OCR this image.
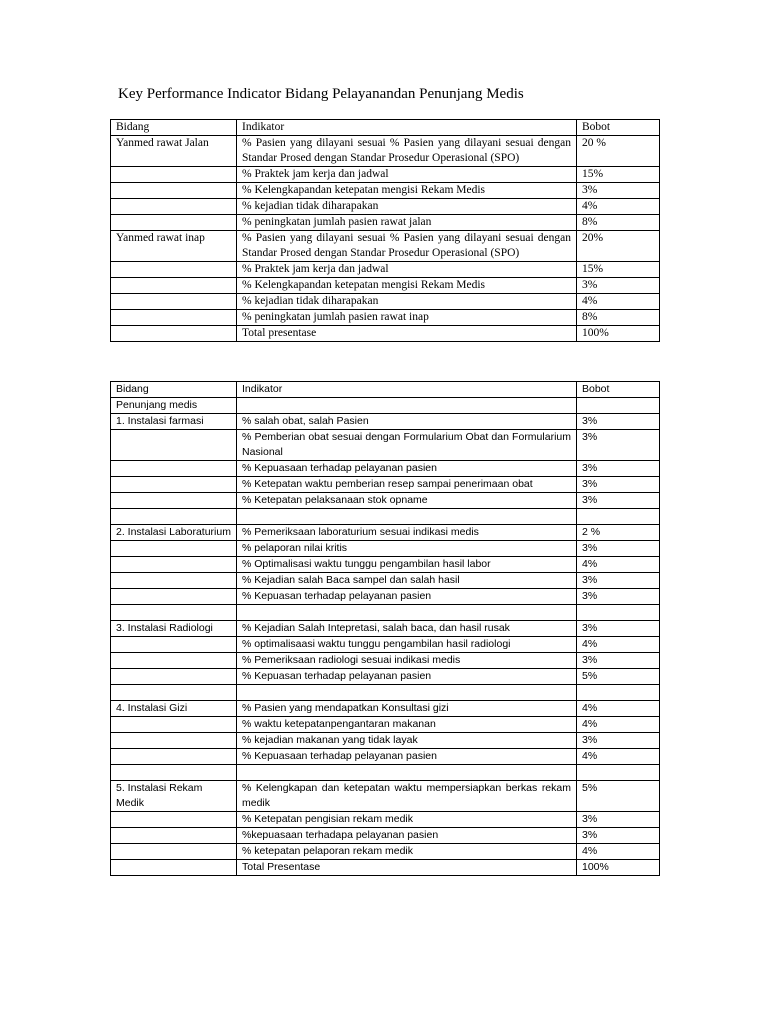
Key Performance Indicator Bidang Pelayanandan Penunjang Medis
Bidang	Indikator	Bobot
Yanmed rawat Jalan	% Pasien yang dilayani sesuai % Pasien yang dilayani sesuai dengan Standar Prosed dengan Standar Prosedur Operasional (SPO)	20 %
	% Praktek jam kerja dan jadwal	15%
	% Kelengkapandan ketepatan mengisi Rekam Medis	3%
	% kejadian tidak diharapakan	4%
	% peningkatan jumlah pasien rawat jalan	8%
Yanmed rawat inap	% Pasien yang dilayani sesuai % Pasien yang dilayani sesuai dengan Standar Prosed dengan Standar Prosedur Operasional (SPO)	20%
	% Praktek jam kerja dan jadwal	15%
	% Kelengkapandan ketepatan mengisi Rekam Medis	3%
	% kejadian tidak diharapakan	4%
	% peningkatan jumlah pasien rawat inap	8%
	Total presentase	100%
Bidang	Indikator	Bobot
Penunjang medis		
1. Instalasi farmasi	% salah obat, salah Pasien	3%
	% Pemberian obat sesuai dengan Formularium Obat dan Formularium Nasional	3%
	% Kepuasaan terhadap pelayanan pasien	3%
	% Ketepatan waktu pemberian resep sampai penerimaan obat	3%
	% Ketepatan pelaksanaan stok opname	3%

2. Instalasi Laboraturium	% Pemeriksaan laboraturium sesuai indikasi medis	2 %
	% pelaporan nilai kritis	3%
	% Optimalisasi waktu tunggu pengambilan hasil labor	4%
	% Kejadian salah Baca sampel dan salah hasil	3%
	% Kepuasan terhadap pelayanan pasien	3%

3. Instalasi Radiologi	% Kejadian Salah Intepretasi, salah baca, dan hasil rusak	3%
	% optimalisaasi waktu tunggu pengambilan hasil radiologi	4%
	% Pemeriksaan radiologi sesuai indikasi medis	3%
	% Kepuasan terhadap pelayanan pasien	5%

4. Instalasi Gizi	% Pasien yang mendapatkan Konsultasi gizi	4%
	% waktu ketepatanpengantaran makanan	4%
	% kejadian makanan yang tidak layak	3%
	% Kepuasaan terhadap pelayanan pasien	4%

5. Instalasi Rekam Medik	% Kelengkapan dan ketepatan waktu mempersiapkan berkas rekam medik	5%
	% Ketepatan pengisian rekam medik	3%
	%kepuasaan terhadapa pelayanan pasien	3%
	% ketepatan pelaporan rekam medik	4%
	Total Presentase	100%
